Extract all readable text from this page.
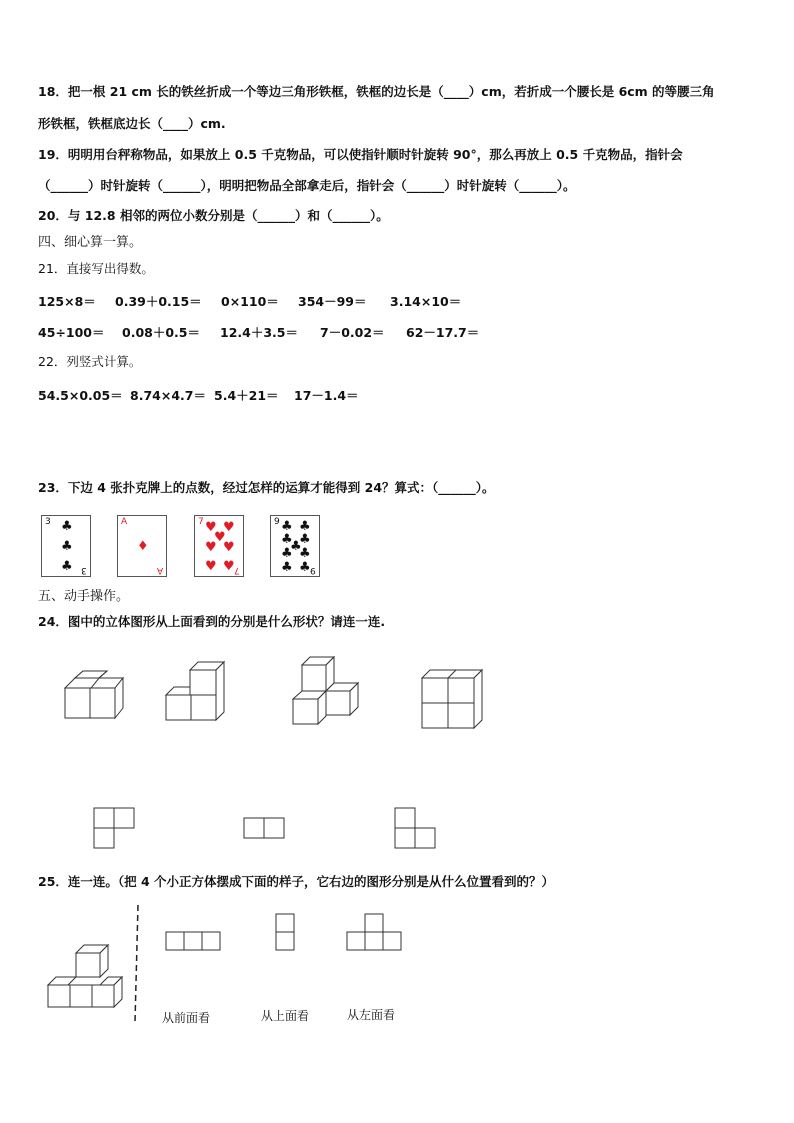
18．把一根 21 cm 长的铁丝折成一个等边三角形铁框，铁框的边长是（____）cm，若折成一个腰长是 6cm 的等腰三角
形铁框，铁框底边长（____）cm.
19．明明用台秤称物品，如果放上 0.5 千克物品，可以使指针顺时针旋转 90°，那么再放上 0.5 千克物品，指针会
（______）时针旋转（______），明明把物品全部拿走后，指针会（______）时针旋转（______）。
20．与 12.8 相邻的两位小数分别是（______）和（______）。
四、细心算一算。
21．直接写出得数。
125×8＝ 0.39＋0.15＝ 0×110＝ 354－99＝ 3.14×10＝
45÷100＝ 0.08＋0.5＝ 12.4＋3.5＝ 7－0.02＝ 62－17.7＝
22．列竖式计算。
54.5×0.05＝ 8.74×4.7＝ 5.4＋21＝ 17－1.4＝
23．下边 4 张扑克牌上的点数，经过怎样的运算才能得到 24？算式：（______）。
3
3
♣
♣
♣
A
A
♦
7
7
♥ ♥
♥
♥ ♥
♥ ♥
9
9
♣ ♣
♣ ♣
♣
♣ ♣
♣ ♣
五、动手操作。
24．图中的立体图形从上面看到的分别是什么形状？请连一连.
25．连一连。（把 4 个小正方体摆成下面的样子，它右边的图形分别是从什么位置看到的？）
从前面看	从上面看	从左面看
